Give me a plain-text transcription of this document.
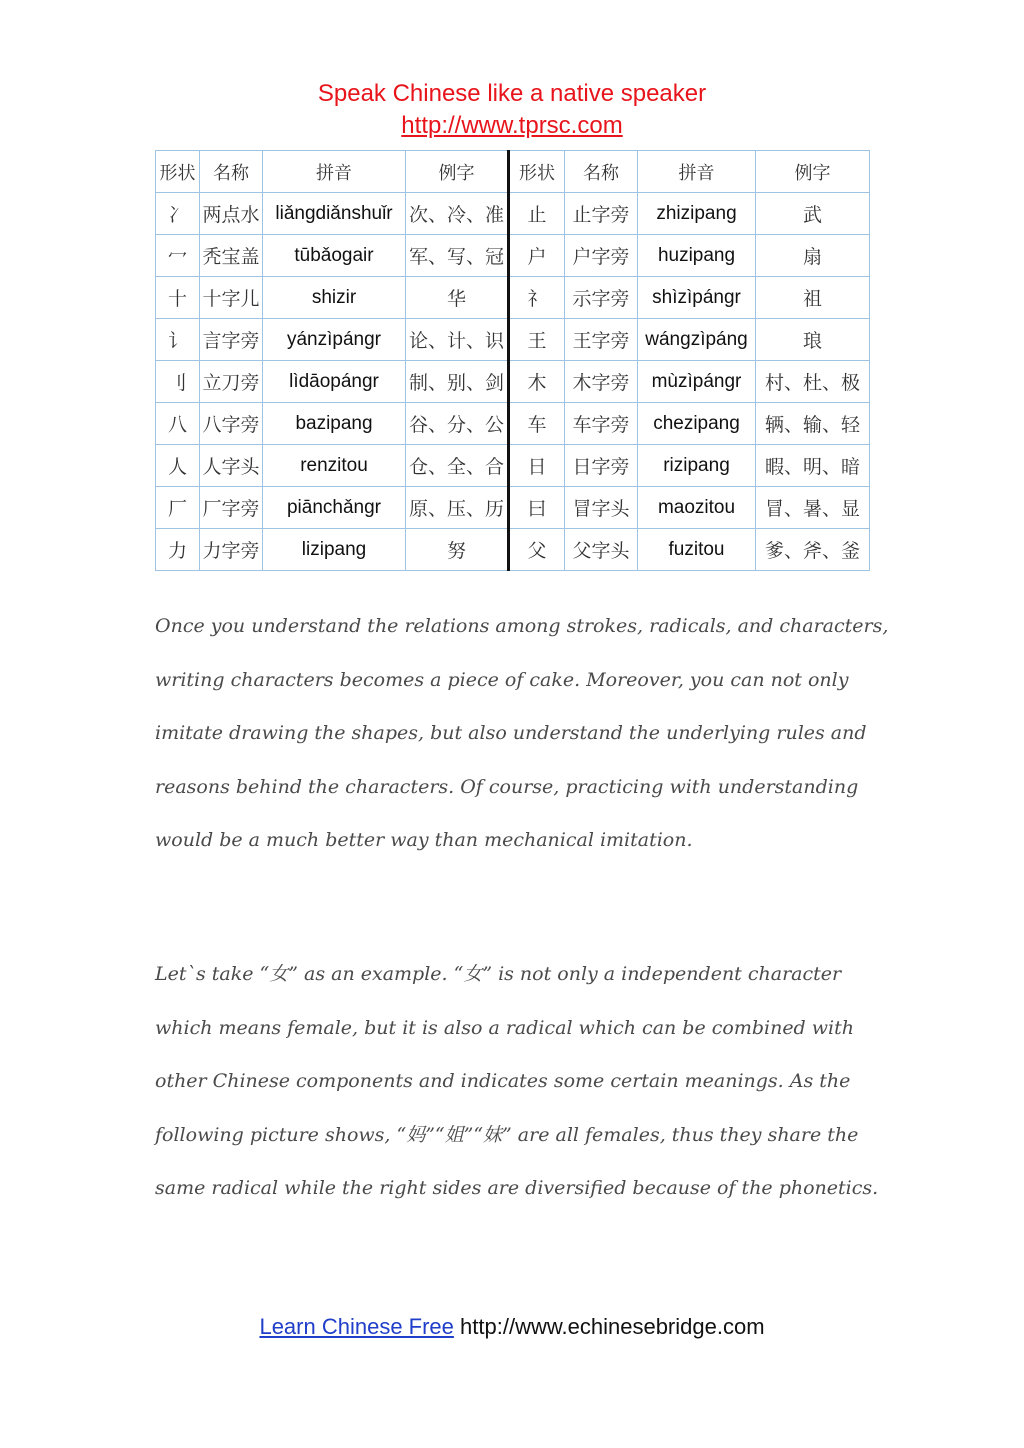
Speak Chinese like a native speaker
http://www.tprsc.com
形状	名称	拼音	例字	形状	名称	拼音	例字
冫	两点水	liǎngdiǎnshuǐr	次、冷、准	止	止字旁	zhizipang	武
冖	秃宝盖	tūbǎogair	军、写、冠	户	户字旁	huzipang	扇
十	十字儿	shizir	华	礻	示字旁	shìzìpángr	祖
讠	言字旁	yánzìpángr	论、计、识	王	王字旁	wángzìpáng	琅
刂	立刀旁	lìdāopángr	制、别、剑	木	木字旁	mùzìpángr	村、杜、极
八	八字旁	bazipang	谷、分、公	车	车字旁	chezipang	辆、输、轻
人	人字头	renzitou	仓、全、合	日	日字旁	rizipang	暇、明、暗
厂	厂字旁	piānchǎngr	原、压、历	曰	冒字头	maozitou	冒、暑、显
力	力字旁	lizipang	努	父	父字头	fuzitou	爹、斧、釜

Once you understand the relations among strokes, radicals, and characters, writing characters becomes a piece of cake. Moreover, you can not only imitate drawing the shapes, but also understand the underlying rules and reasons behind the characters. Of course, practicing with understanding would be a much better way than mechanical imitation.

Let`s take “女” as an example. “女” is not only a independent character which means female, but it is also a radical which can be combined with other Chinese components and indicates some certain meanings. As the following picture shows, “妈”“姐”“妹” are all females, thus they share the same radical while the right sides are diversified because of the phonetics.

Learn Chinese Free http://www.echinesebridge.com
